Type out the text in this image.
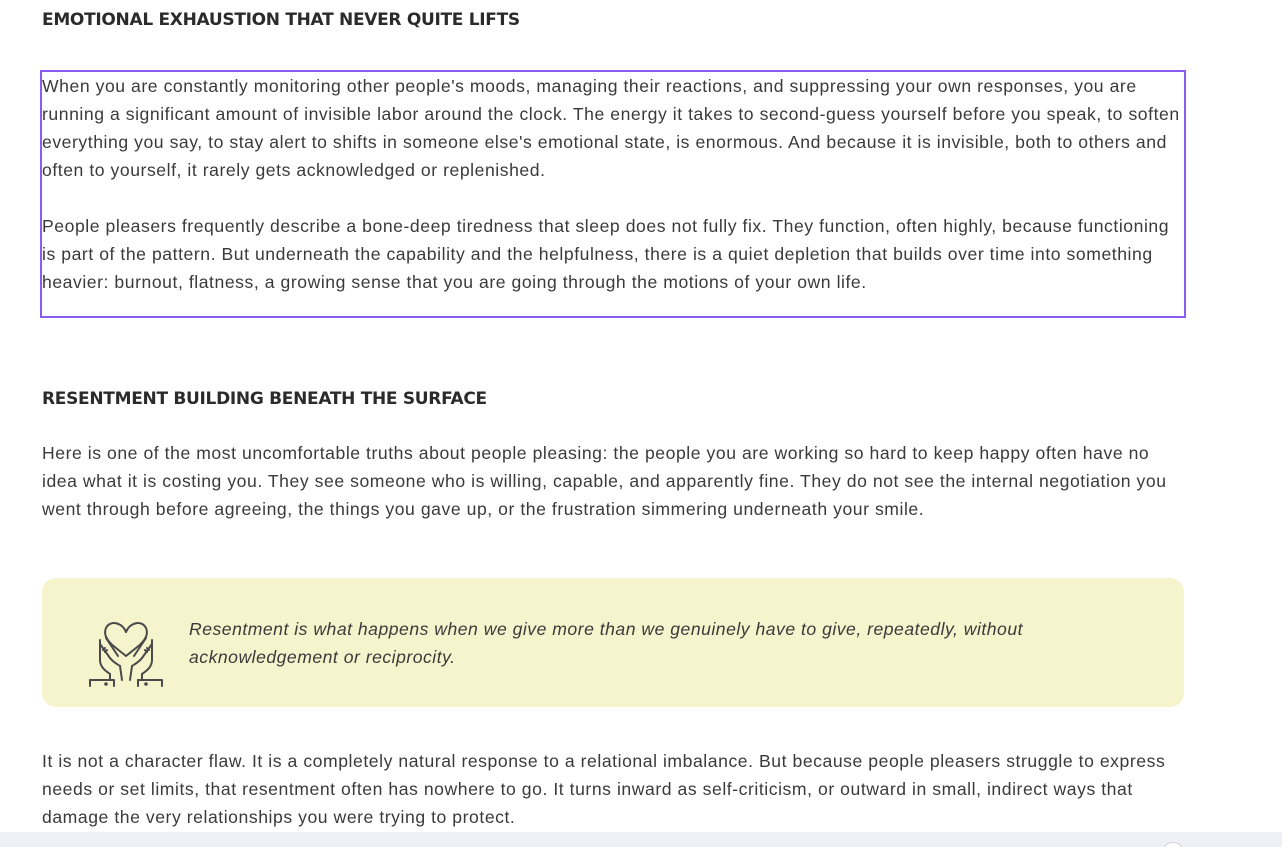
EMOTIONAL EXHAUSTION THAT NEVER QUITE LIFTS

When you are constantly monitoring other people's moods, managing their reactions, and suppressing your own responses, you are running a significant amount of invisible labor around the clock. The energy it takes to second-guess yourself before you speak, to soften everything you say, to stay alert to shifts in someone else's emotional state, is enormous. And because it is invisible, both to others and often to yourself, it rarely gets acknowledged or replenished.

People pleasers frequently describe a bone-deep tiredness that sleep does not fully fix. They function, often highly, because functioning is part of the pattern. But underneath the capability and the helpfulness, there is a quiet depletion that builds over time into something heavier: burnout, flatness, a growing sense that you are going through the motions of your own life.

RESENTMENT BUILDING BENEATH THE SURFACE

Here is one of the most uncomfortable truths about people pleasing: the people you are working so hard to keep happy often have no idea what it is costing you. They see someone who is willing, capable, and apparently fine. They do not see the internal negotiation you went through before agreeing, the things you gave up, or the frustration simmering underneath your smile.

Resentment is what happens when we give more than we genuinely have to give, repeatedly, without acknowledgement or reciprocity.

It is not a character flaw. It is a completely natural response to a relational imbalance. But because people pleasers struggle to express needs or set limits, that resentment often has nowhere to go. It turns inward as self-criticism, or outward in small, indirect ways that damage the very relationships you were trying to protect.
